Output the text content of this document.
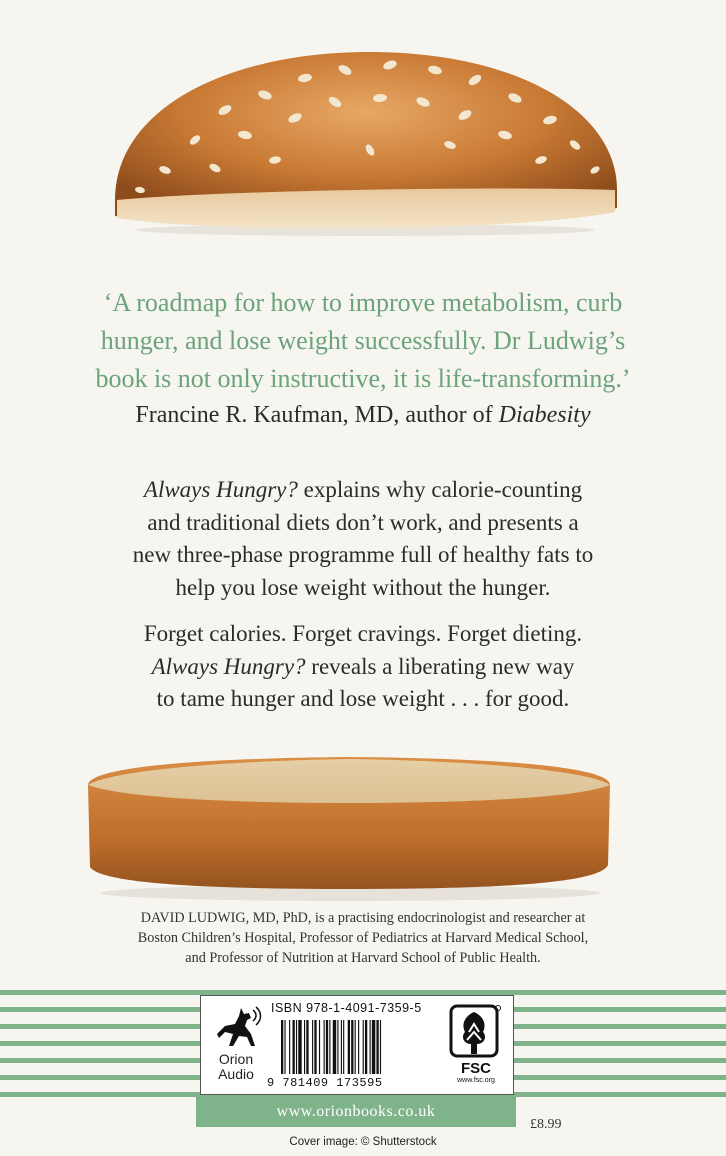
‘A roadmap for how to improve metabolism, curb
hunger, and lose weight successfully. Dr Ludwig’s
book is not only instructive, it is life-transforming.’
Francine R. Kaufman, MD, author of Diabesity
Always Hungry? explains why calorie-counting
and traditional diets don’t work, and presents a
new three-phase programme full of healthy fats to
help you lose weight without the hunger.
Forget calories. Forget cravings. Forget dieting.
Always Hungry? reveals a liberating new way
to tame hunger and lose weight . . . for good.
DAVID LUDWIG, MD, PhD, is a practising endocrinologist and researcher at
Boston Children’s Hospital, Professor of Pediatrics at Harvard Medical School,
and Professor of Nutrition at Harvard School of Public Health.
Orion
Audio
ISBN 978-1-4091-7359-5
9 781409 173595
FSC
www.fsc.org
www.orionbooks.co.uk
£8.99
Cover image: © Shutterstock
